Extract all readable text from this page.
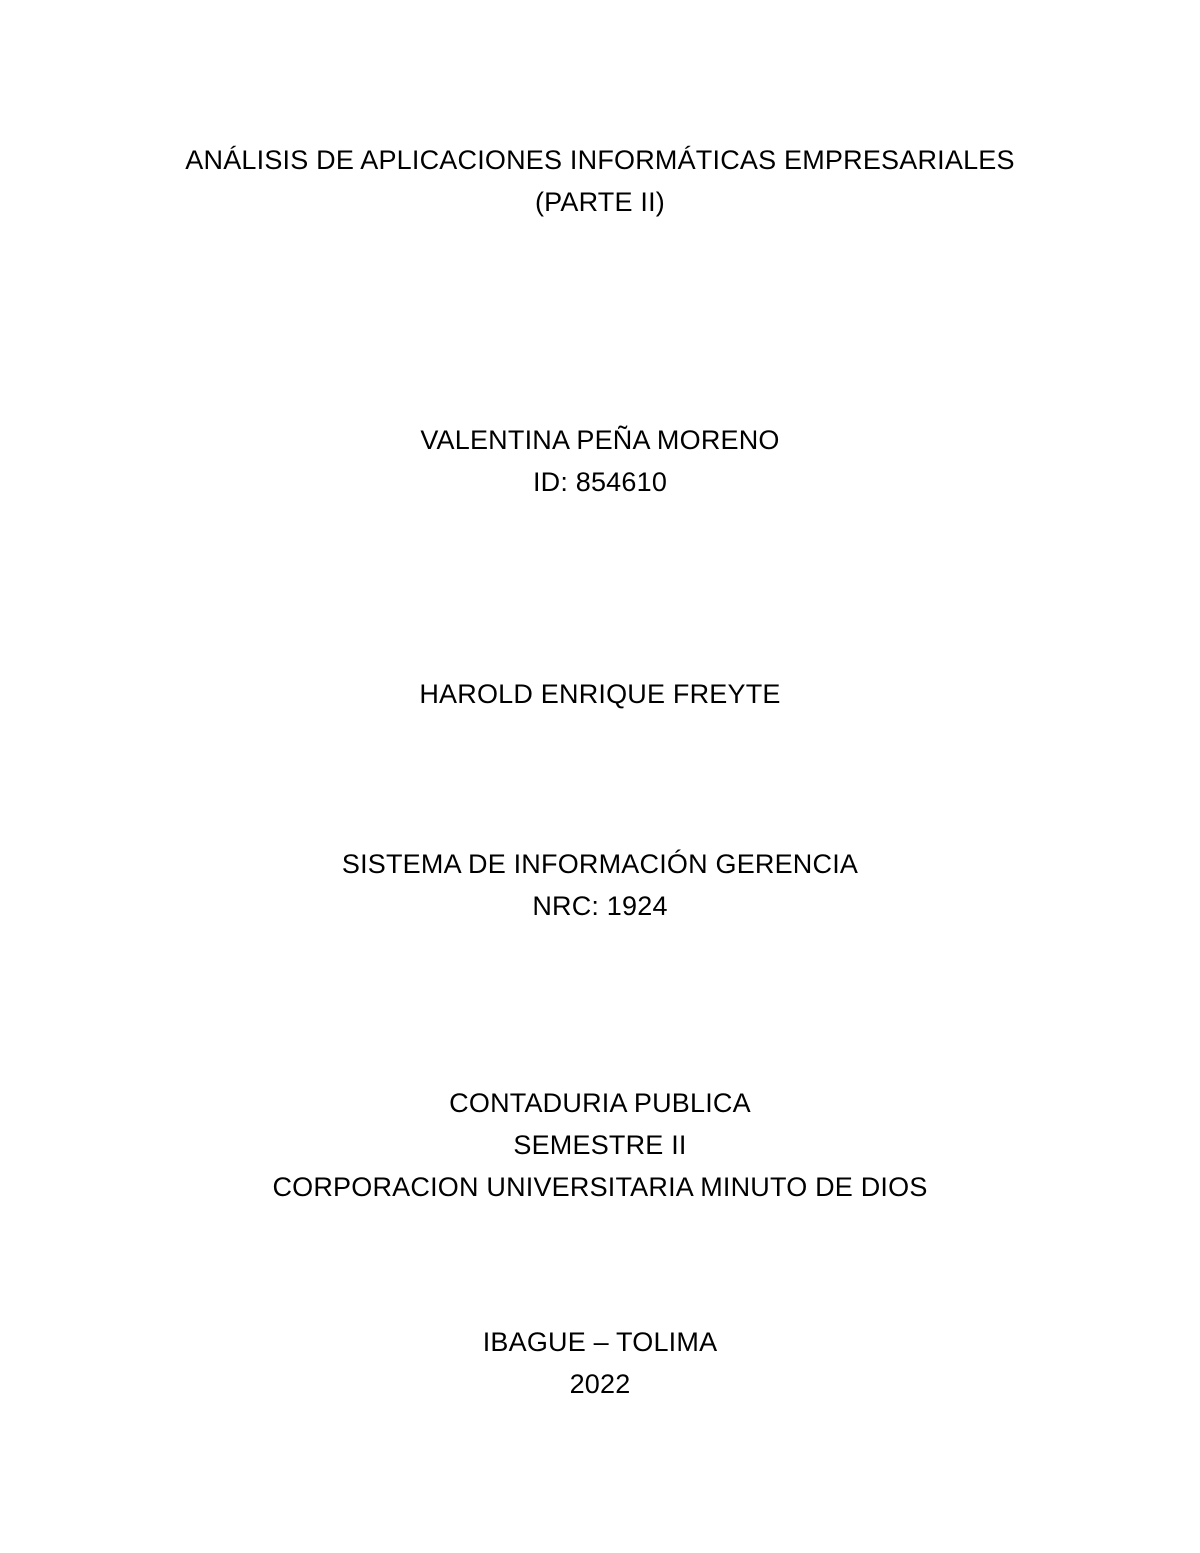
ANÁLISIS DE APLICACIONES INFORMÁTICAS EMPRESARIALES
(PARTE II)
VALENTINA PEÑA MORENO
ID: 854610
HAROLD ENRIQUE FREYTE
SISTEMA DE INFORMACIÓN GERENCIA
NRC: 1924
CONTADURIA PUBLICA
SEMESTRE II
CORPORACION UNIVERSITARIA MINUTO DE DIOS
IBAGUE – TOLIMA
2022
